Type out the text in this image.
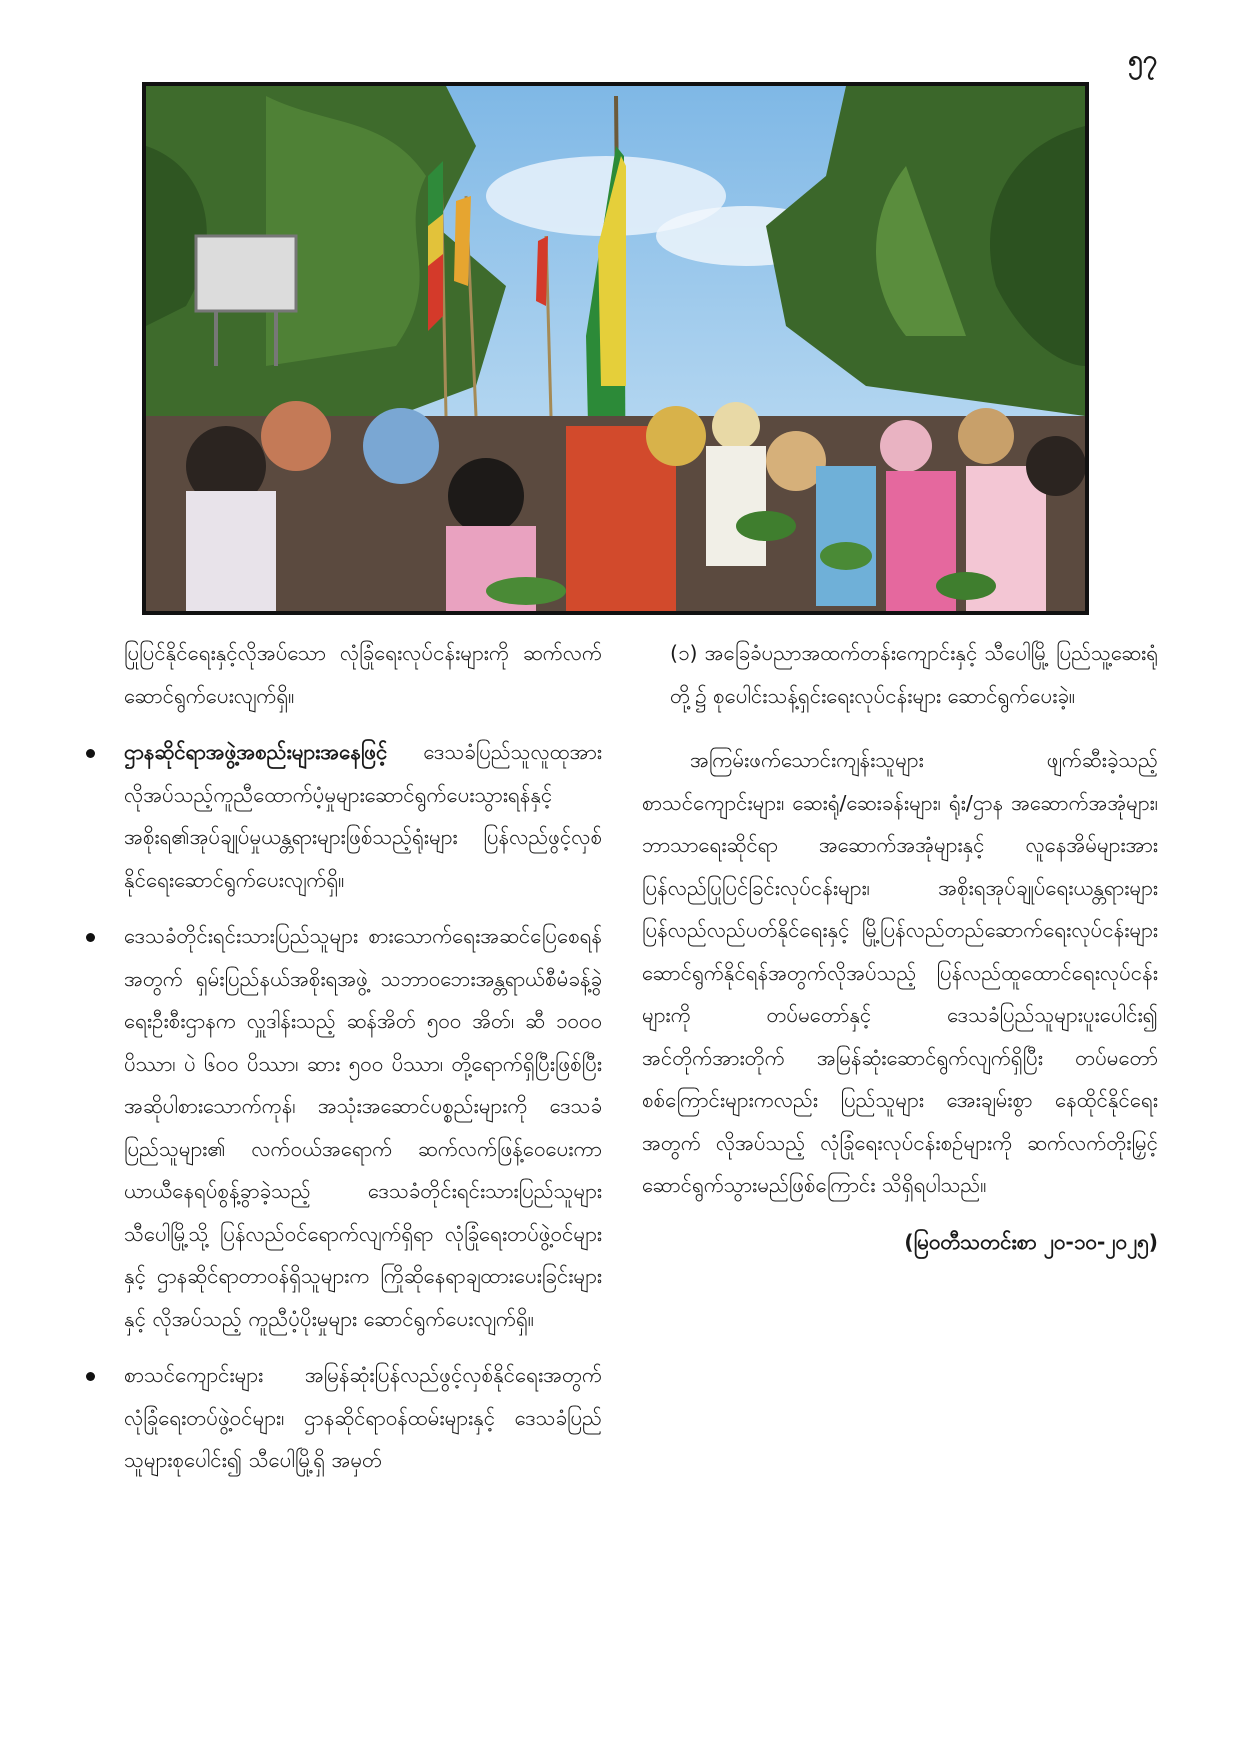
၅၇

ပြုပြင်နိုင်ရေးနှင့်လိုအပ်သော လုံခြုံရေးလုပ်ငန်းများကို ဆက်လက်ဆောင်ရွက်ပေးလျက်ရှိ။

ဌာနဆိုင်ရာအဖွဲ့အစည်းများအနေဖြင့် ဒေသခံပြည်သူလူထုအားလိုအပ်သည့်ကူညီထောက်ပံ့မှုများဆောင်ရွက်ပေးသွားရန်နှင့် အစိုးရ၏အုပ်ချုပ်မှုယန္တရားများဖြစ်သည့်ရုံးများ ပြန်လည်ဖွင့်လှစ်နိုင်ရေးဆောင်ရွက်ပေးလျက်ရှိ။
ဒေသခံတိုင်းရင်းသားပြည်သူများ စားသောက်ရေးအဆင်ပြေစေရန်အတွက် ရှမ်းပြည်နယ်အစိုးရအဖွဲ့ သဘာဝဘေးအန္တရာယ်စီမံခန့်ခွဲရေးဦးစီးဌာနက လှူဒါန်းသည့် ဆန်အိတ် ၅၀၀ အိတ်၊ ဆီ ၁၀၀၀ ပိဿာ၊ ပဲ ၆၀၀ ပိဿာ၊ ဆား ၅၀၀ ပိဿာ၊ တို့ရောက်ရှိပြီးဖြစ်ပြီး အဆိုပါစားသောက်ကုန်၊ အသုံးအဆောင်ပစ္စည်းများကို ဒေသခံပြည်သူများ၏ လက်ဝယ်အရောက် ဆက်လက်ဖြန့်ဝေပေးကာ ယာယီနေရပ်စွန့်ခွာခဲ့သည့် ဒေသခံတိုင်းရင်းသားပြည်သူများ သီပေါမြို့သို့ ပြန်လည်ဝင်ရောက်လျက်ရှိရာ လုံခြုံရေးတပ်ဖွဲ့ဝင်များနှင့် ဌာနဆိုင်ရာတာဝန်ရှိသူများက ကြိုဆိုနေရာချထားပေးခြင်းများနှင့် လိုအပ်သည့် ကူညီပံ့ပိုးမှုများ ဆောင်ရွက်ပေးလျက်ရှိ။
စာသင်ကျောင်းများ အမြန်ဆုံးပြန်လည်ဖွင့်လှစ်နိုင်ရေးအတွက် လုံခြုံရေးတပ်ဖွဲ့ဝင်များ၊ ဌာနဆိုင်ရာဝန်ထမ်းများနှင့် ဒေသခံပြည်သူများစုပေါင်း၍ သီပေါမြို့ရှိ အမှတ်

(၁) အခြေခံပညာအထက်တန်းကျောင်းနှင့် သီပေါမြို့ ပြည်သူ့ဆေးရုံတို့၌ စုပေါင်းသန့်ရှင်းရေးလုပ်ငန်းများ ဆောင်ရွက်ပေးခဲ့။

အကြမ်းဖက်သောင်းကျန်းသူများ ဖျက်ဆီးခဲ့သည့် စာသင်ကျောင်းများ၊ ဆေးရုံ/ဆေးခန်းများ၊ ရုံး/ဌာန အဆောက်အအုံများ၊ ဘာသာရေးဆိုင်ရာ အဆောက်အအုံများနှင့် လူနေအိမ်များအား ပြန်လည်ပြုပြင်ခြင်းလုပ်ငန်းများ၊ အစိုးရအုပ်ချုပ်ရေးယန္တရားများ ပြန်လည်လည်ပတ်နိုင်ရေးနှင့် မြို့ပြန်လည်တည်ဆောက်ရေးလုပ်ငန်းများ ဆောင်ရွက်နိုင်ရန်အတွက်လိုအပ်သည့် ပြန်လည်ထူထောင်ရေးလုပ်ငန်းများကို တပ်မတော်နှင့် ဒေသခံပြည်သူများပူးပေါင်း၍ အင်တိုက်အားတိုက် အမြန်ဆုံးဆောင်ရွက်လျက်ရှိပြီး တပ်မတော်စစ်ကြောင်းများကလည်း ပြည်သူများ အေးချမ်းစွာ နေထိုင်နိုင်ရေးအတွက် လိုအပ်သည့် လုံခြုံရေးလုပ်ငန်းစဉ်များကို ဆက်လက်တိုးမြှင့်ဆောင်ရွက်သွားမည်ဖြစ်ကြောင်း သိရှိရပါသည်။

(မြဝတီသတင်းစာ ၂၀-၁၀-၂၀၂၅)
